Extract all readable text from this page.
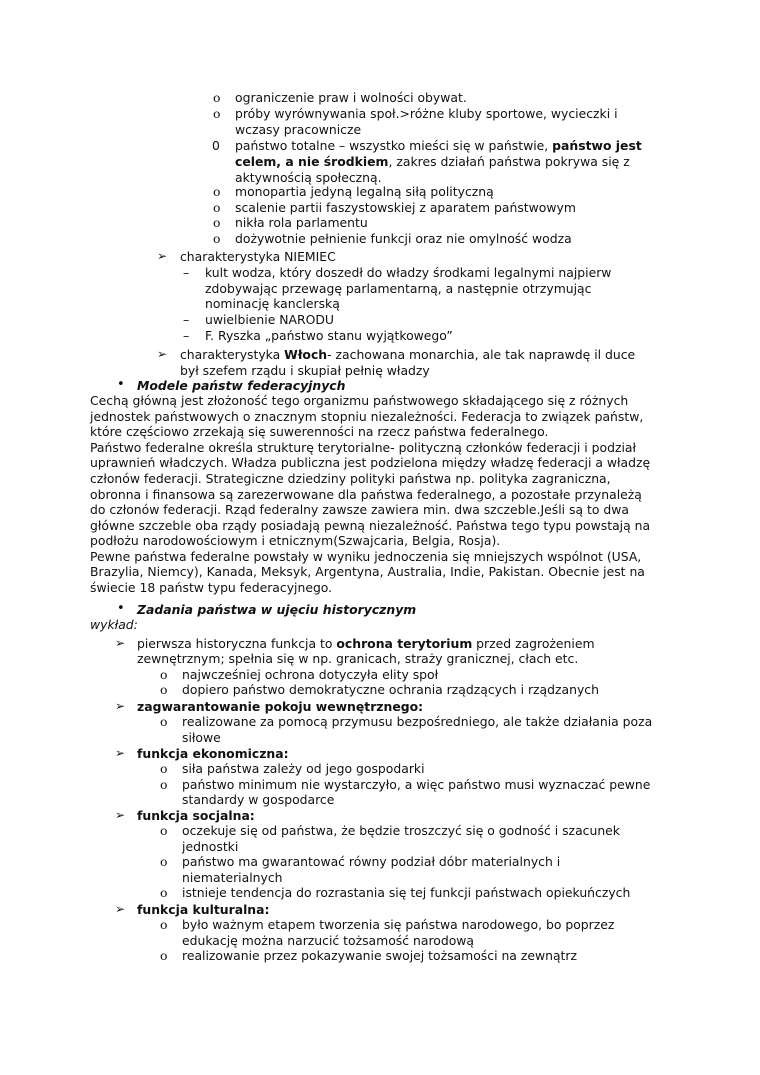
o ograniczenie praw i wolności obywat.
o próby wyrównywania społ.>różne kluby sportowe, wycieczki i
wczasy pracownicze
0 państwo totalne – wszystko mieści się w państwie, państwo jest
celem, a nie środkiem, zakres działań państwa pokrywa się z
aktywnością społeczną.
o monopartia jedyną legalną siłą polityczną
o scalenie partii faszystowskiej z aparatem państwowym
o nikła rola parlamentu
o dożywotnie pełnienie funkcji oraz nie omylność wodza
➢ charakterystyka NIEMIEC
– kult wodza, który doszedł do władzy środkami legalnymi najpierw
zdobywając przewagę parlamentarną, a następnie otrzymując
nominację kanclerską
– uwielbienie NARODU
– F. Ryszka „państwo stanu wyjątkowego”
➢ charakterystyka Włoch- zachowana monarchia, ale tak naprawdę il duce
był szefem rządu i skupiał pełnię władzy
• Modele państw federacyjnych
Cechą główną jest złożoność tego organizmu państwowego składającego się z różnych
jednostek państwowych o znacznym stopniu niezależności. Federacja to związek państw,
które częściowo zrzekają się suwerenności na rzecz państwa federalnego.
Państwo federalne określa strukturę terytorialne- polityczną członków federacji i podział
uprawnień władczych. Władza publiczna jest podzielona między władzę federacji a władzę
członów federacji. Strategiczne dziedziny polityki państwa np. polityka zagraniczna,
obronna i finansowa są zarezerwowane dla państwa federalnego, a pozostałe przynależą
do członów federacji. Rząd federalny zawsze zawiera min. dwa szczeble.Jeśli są to dwa
główne szczeble oba rządy posiadają pewną niezależność. Państwa tego typu powstają na
podłożu narodowościowym i etnicznym(Szwajcaria, Belgia, Rosja).
Pewne państwa federalne powstały w wyniku jednoczenia się mniejszych wspólnot (USA,
Brazylia, Niemcy), Kanada, Meksyk, Argentyna, Australia, Indie, Pakistan. Obecnie jest na
świecie 18 państw typu federacyjnego.
• Zadania państwa w ujęciu historycznym
wykład:
➢ pierwsza historyczna funkcja to ochrona terytorium przed zagrożeniem
zewnętrznym; spełnia się w np. granicach, straży granicznej, cłach etc.
o najwcześniej ochrona dotyczyła elity społ
o dopiero państwo demokratyczne ochrania rządzących i rządzanych
➢ zagwarantowanie pokoju wewnętrznego:
o realizowane za pomocą przymusu bezpośredniego, ale także działania poza
siłowe
➢ funkcja ekonomiczna:
o siła państwa zależy od jego gospodarki
o państwo minimum nie wystarczyło, a więc państwo musi wyznaczać pewne
standardy w gospodarce
➢ funkcja socjalna:
o oczekuje się od państwa, że będzie troszczyć się o godność i szacunek
jednostki
o państwo ma gwarantować równy podział dóbr materialnych i
niematerialnych
o istnieje tendencja do rozrastania się tej funkcji państwach opiekuńczych
➢ funkcja kulturalna:
o było ważnym etapem tworzenia się państwa narodowego, bo poprzez
edukację można narzucić tożsamość narodową
o realizowanie przez pokazywanie swojej tożsamości na zewnątrz
